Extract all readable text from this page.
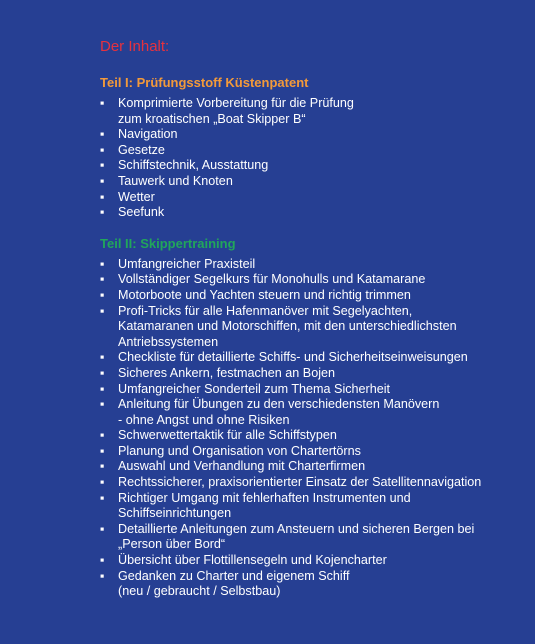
Der Inhalt:
Teil I: Prüfungsstoff Küstenpatent
▪ Komprimierte Vorbereitung für die Prüfung
zum kroatischen „Boat Skipper B“
▪ Navigation
▪ Gesetze
▪ Schiffstechnik, Ausstattung
▪ Tauwerk und Knoten
▪ Wetter
▪ Seefunk
Teil II: Skippertraining
▪ Umfangreicher Praxisteil
▪ Vollständiger Segelkurs für Monohulls und Katamarane
▪ Motorboote und Yachten steuern und richtig trimmen
▪ Profi-Tricks für alle Hafenmanöver mit Segelyachten,
Katamaranen und Motorschiffen, mit den unterschiedlichsten
Antriebssystemen
▪ Checkliste für detaillierte Schiffs- und Sicherheitseinweisungen
▪ Sicheres Ankern, festmachen an Bojen
▪ Umfangreicher Sonderteil zum Thema Sicherheit
▪ Anleitung für Übungen zu den verschiedensten Manövern
- ohne Angst und ohne Risiken
▪ Schwerwettertaktik für alle Schiffstypen
▪ Planung und Organisation von Chartertörns
▪ Auswahl und Verhandlung mit Charterfirmen
▪ Rechtssicherer, praxisorientierter Einsatz der Satellitennavigation
▪ Richtiger Umgang mit fehlerhaften Instrumenten und
Schiffseinrichtungen
▪ Detaillierte Anleitungen zum Ansteuern und sicheren Bergen bei
„Person über Bord“
▪ Übersicht über Flottillensegeln und Kojencharter
▪ Gedanken zu Charter und eigenem Schiff
(neu / gebraucht / Selbstbau)
